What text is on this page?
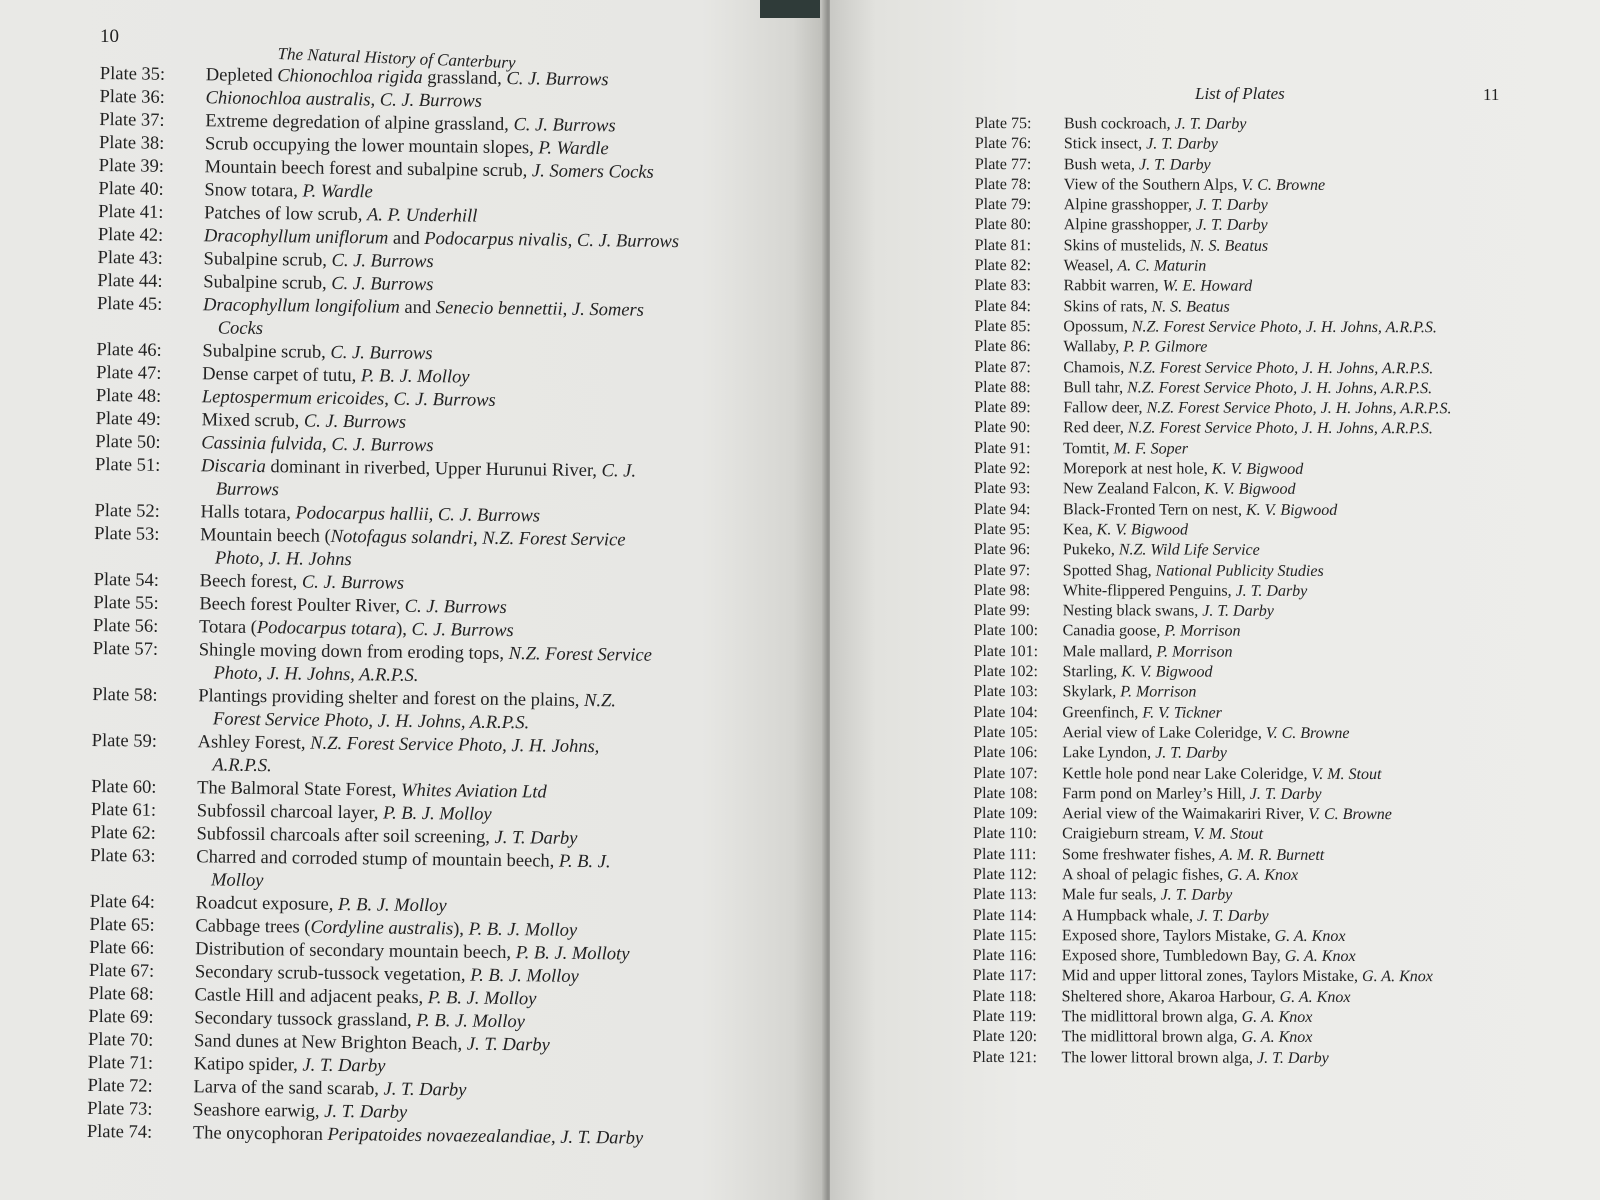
10
The Natural History of Canterbury
Plate 35: Depleted Chionochloa rigida grassland, C. J. Burrows
Plate 36: Chionochloa australis, C. J. Burrows
Plate 37: Extreme degredation of alpine grassland, C. J. Burrows
Plate 38: Scrub occupying the lower mountain slopes, P. Wardle
Plate 39: Mountain beech forest and subalpine scrub, J. Somers Cocks
Plate 40: Snow totara, P. Wardle
Plate 41: Patches of low scrub, A. P. Underhill
Plate 42: Dracophyllum uniflorum and Podocarpus nivalis, C. J. Burrows
Plate 43: Subalpine scrub, C. J. Burrows
Plate 44: Subalpine scrub, C. J. Burrows
Plate 45: Dracophyllum longifolium and Senecio bennettii, J. Somers
Cocks
Plate 46: Subalpine scrub, C. J. Burrows
Plate 47: Dense carpet of tutu, P. B. J. Molloy
Plate 48: Leptospermum ericoides, C. J. Burrows
Plate 49: Mixed scrub, C. J. Burrows
Plate 50: Cassinia fulvida, C. J. Burrows
Plate 51: Discaria dominant in riverbed, Upper Hurunui River, C. J.
Burrows
Plate 52: Halls totara, Podocarpus hallii, C. J. Burrows
Plate 53: Mountain beech (Notofagus solandri, N.Z. Forest Service
Photo, J. H. Johns
Plate 54: Beech forest, C. J. Burrows
Plate 55: Beech forest Poulter River, C. J. Burrows
Plate 56: Totara (Podocarpus totara), C. J. Burrows
Plate 57: Shingle moving down from eroding tops, N.Z. Forest Service
Photo, J. H. Johns, A.R.P.S.
Plate 58: Plantings providing shelter and forest on the plains, N.Z.
Forest Service Photo, J. H. Johns, A.R.P.S.
Plate 59: Ashley Forest, N.Z. Forest Service Photo, J. H. Johns,
A.R.P.S.
Plate 60: The Balmoral State Forest, Whites Aviation Ltd
Plate 61: Subfossil charcoal layer, P. B. J. Molloy
Plate 62: Subfossil charcoals after soil screening, J. T. Darby
Plate 63: Charred and corroded stump of mountain beech, P. B. J.
Molloy
Plate 64: Roadcut exposure, P. B. J. Molloy
Plate 65: Cabbage trees (Cordyline australis), P. B. J. Molloy
Plate 66: Distribution of secondary mountain beech, P. B. J. Molloty
Plate 67: Secondary scrub-tussock vegetation, P. B. J. Molloy
Plate 68: Castle Hill and adjacent peaks, P. B. J. Molloy
Plate 69: Secondary tussock grassland, P. B. J. Molloy
Plate 70: Sand dunes at New Brighton Beach, J. T. Darby
Plate 71: Katipo spider, J. T. Darby
Plate 72: Larva of the sand scarab, J. T. Darby
Plate 73: Seashore earwig, J. T. Darby
Plate 74: The onycophoran Peripatoides novaezealandiae, J. T. Darby
List of Plates	11
Plate 75: Bush cockroach, J. T. Darby
Plate 76: Stick insect, J. T. Darby
Plate 77: Bush weta, J. T. Darby
Plate 78: View of the Southern Alps, V. C. Browne
Plate 79: Alpine grasshopper, J. T. Darby
Plate 80: Alpine grasshopper, J. T. Darby
Plate 81: Skins of mustelids, N. S. Beatus
Plate 82: Weasel, A. C. Maturin
Plate 83: Rabbit warren, W. E. Howard
Plate 84: Skins of rats, N. S. Beatus
Plate 85: Opossum, N.Z. Forest Service Photo, J. H. Johns, A.R.P.S.
Plate 86: Wallaby, P. P. Gilmore
Plate 87: Chamois, N.Z. Forest Service Photo, J. H. Johns, A.R.P.S.
Plate 88: Bull tahr, N.Z. Forest Service Photo, J. H. Johns, A.R.P.S.
Plate 89: Fallow deer, N.Z. Forest Service Photo, J. H. Johns, A.R.P.S.
Plate 90: Red deer, N.Z. Forest Service Photo, J. H. Johns, A.R.P.S.
Plate 91: Tomtit, M. F. Soper
Plate 92: Morepork at nest hole, K. V. Bigwood
Plate 93: New Zealand Falcon, K. V. Bigwood
Plate 94: Black-Fronted Tern on nest, K. V. Bigwood
Plate 95: Kea, K. V. Bigwood
Plate 96: Pukeko, N.Z. Wild Life Service
Plate 97: Spotted Shag, National Publicity Studies
Plate 98: White-flippered Penguins, J. T. Darby
Plate 99: Nesting black swans, J. T. Darby
Plate 100: Canadia goose, P. Morrison
Plate 101: Male mallard, P. Morrison
Plate 102: Starling, K. V. Bigwood
Plate 103: Skylark, P. Morrison
Plate 104: Greenfinch, F. V. Tickner
Plate 105: Aerial view of Lake Coleridge, V. C. Browne
Plate 106: Lake Lyndon, J. T. Darby
Plate 107: Kettle hole pond near Lake Coleridge, V. M. Stout
Plate 108: Farm pond on Marley’s Hill, J. T. Darby
Plate 109: Aerial view of the Waimakariri River, V. C. Browne
Plate 110: Craigieburn stream, V. M. Stout
Plate 111: Some freshwater fishes, A. M. R. Burnett
Plate 112: A shoal of pelagic fishes, G. A. Knox
Plate 113: Male fur seals, J. T. Darby
Plate 114: A Humpback whale, J. T. Darby
Plate 115: Exposed shore, Taylors Mistake, G. A. Knox
Plate 116: Exposed shore, Tumbledown Bay, G. A. Knox
Plate 117: Mid and upper littoral zones, Taylors Mistake, G. A. Knox
Plate 118: Sheltered shore, Akaroa Harbour, G. A. Knox
Plate 119: The midlittoral brown alga, G. A. Knox
Plate 120: The midlittoral brown alga, G. A. Knox
Plate 121: The lower littoral brown alga, J. T. Darby
